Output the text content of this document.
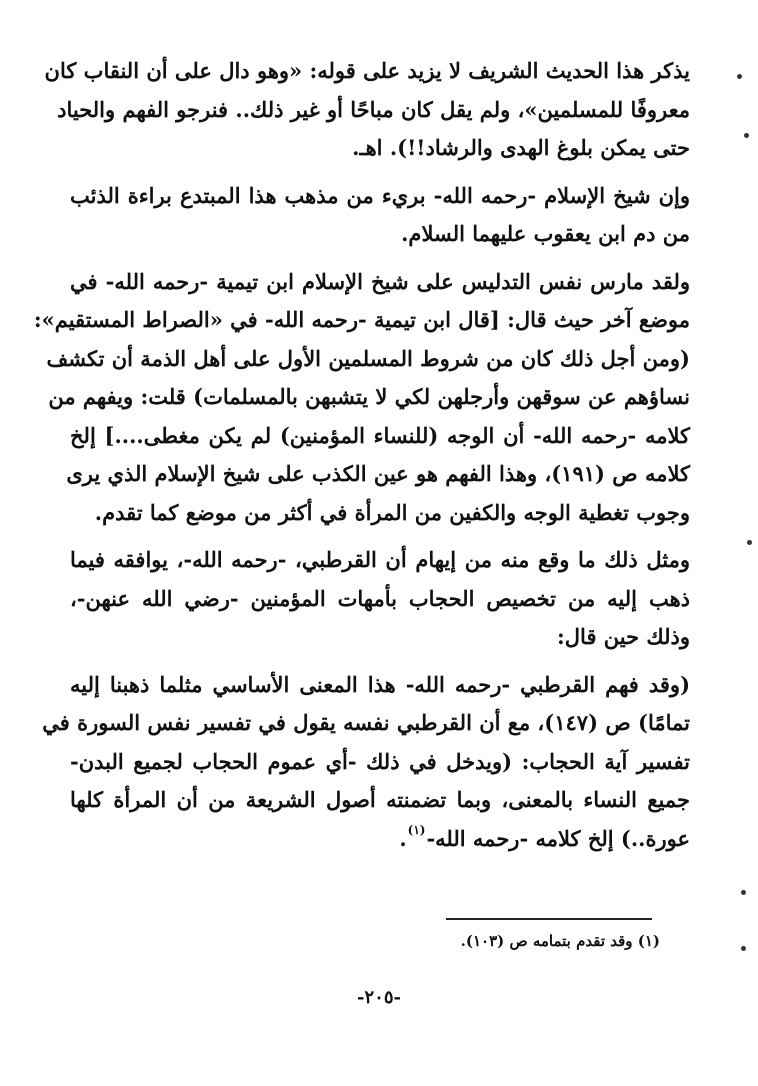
يذكر هذا الحديث الشريف لا يزيد على قوله: «وهو دال على أن النقاب كان
معروفًا للمسلمين»، ولم يقل كان مباحًا أو غير ذلك.. فنرجو الفهم والحياد
حتى يمكن بلوغ الهدى والرشاد!!). اهـ.

وإن شيخ الإسلام -رحمه الله- بريء من مذهب هذا المبتدع براءة الذئب
من دم ابن يعقوب عليهما السلام.

ولقد مارس نفس التدليس على شيخ الإسلام ابن تيمية -رحمه الله- في
موضع آخر حيث قال: [قال ابن تيمية -رحمه الله- في «الصراط المستقيم»:
(ومن أجل ذلك كان من شروط المسلمين الأول على أهل الذمة أن تكشف
نساؤهم عن سوقهن وأرجلهن لكي لا يتشبهن بالمسلمات) قلت: ويفهم من
كلامه -رحمه الله- أن الوجه (للنساء المؤمنين) لم يكن مغطى....] إلخ
كلامه ص (١٩١)، وهذا الفهم هو عين الكذب على شيخ الإسلام الذي يرى
وجوب تغطية الوجه والكفين من المرأة في أكثر من موضع كما تقدم.

ومثل ذلك ما وقع منه من إيهام أن القرطبي، -رحمه الله-، يوافقه فيما
ذهب إليه من تخصيص الحجاب بأمهات المؤمنين -رضي الله عنهن-،
وذلك حين قال:

(وقد فهم القرطبي -رحمه الله- هذا المعنى الأساسي مثلما ذهبنا إليه
تمامًا) ص (١٤٧)، مع أن القرطبي نفسه يقول في تفسير نفس السورة في
تفسير آية الحجاب: (ويدخل في ذلك -أي عموم الحجاب لجميع البدن-
جميع النساء بالمعنى، وبما تضمنته أصول الشريعة من أن المرأة كلها
عورة..) إلخ كلامه -رحمه الله-$^{(١)}$.

(١) وقد تقدم بتمامه ص (١٠٣).
-٢٠٥-
